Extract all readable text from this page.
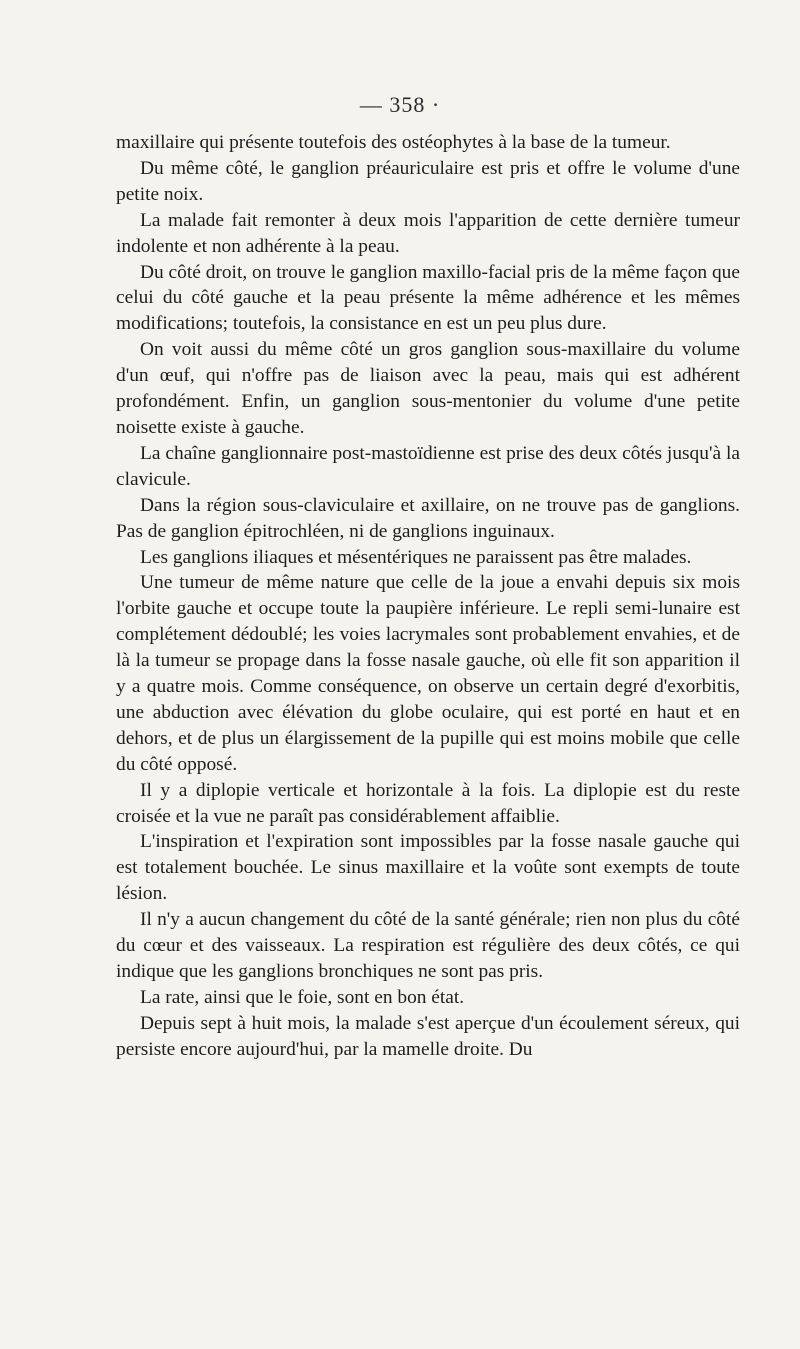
— 358 ·

maxillaire qui présente toutefois des ostéophytes à la base de la tumeur.

Du même côté, le ganglion préauriculaire est pris et offre le volume d'une petite noix.

La malade fait remonter à deux mois l'apparition de cette dernière tumeur indolente et non adhérente à la peau.

Du côté droit, on trouve le ganglion maxillo-facial pris de la même façon que celui du côté gauche et la peau présente la même adhérence et les mêmes modifications; toutefois, la consistance en est un peu plus dure.

On voit aussi du même côté un gros ganglion sous-maxillaire du volume d'un œuf, qui n'offre pas de liaison avec la peau, mais qui est adhérent profondément. Enfin, un ganglion sous-mentonier du volume d'une petite noisette existe à gauche.

La chaîne ganglionnaire post-mastoïdienne est prise des deux côtés jusqu'à la clavicule.

Dans la région sous-claviculaire et axillaire, on ne trouve pas de ganglions. Pas de ganglion épitrochléen, ni de ganglions inguinaux.

Les ganglions iliaques et mésentériques ne paraissent pas être malades.

Une tumeur de même nature que celle de la joue a envahi depuis six mois l'orbite gauche et occupe toute la paupière inférieure. Le repli semi-lunaire est complétement dédoublé; les voies lacrymales sont probablement envahies, et de là la tumeur se propage dans la fosse nasale gauche, où elle fit son apparition il y a quatre mois. Comme conséquence, on observe un certain degré d'exorbitis, une abduction avec élévation du globe oculaire, qui est porté en haut et en dehors, et de plus un élargissement de la pupille qui est moins mobile que celle du côté opposé.

Il y a diplopie verticale et horizontale à la fois. La diplopie est du reste croisée et la vue ne paraît pas considérablement affaiblie.

L'inspiration et l'expiration sont impossibles par la fosse nasale gauche qui est totalement bouchée. Le sinus maxillaire et la voûte sont exempts de toute lésion.

Il n'y a aucun changement du côté de la santé générale; rien non plus du côté du cœur et des vaisseaux. La respiration est régulière des deux côtés, ce qui indique que les ganglions bronchiques ne sont pas pris.

La rate, ainsi que le foie, sont en bon état.

Depuis sept à huit mois, la malade s'est aperçue d'un écoulement séreux, qui persiste encore aujourd'hui, par la mamelle droite. Du
